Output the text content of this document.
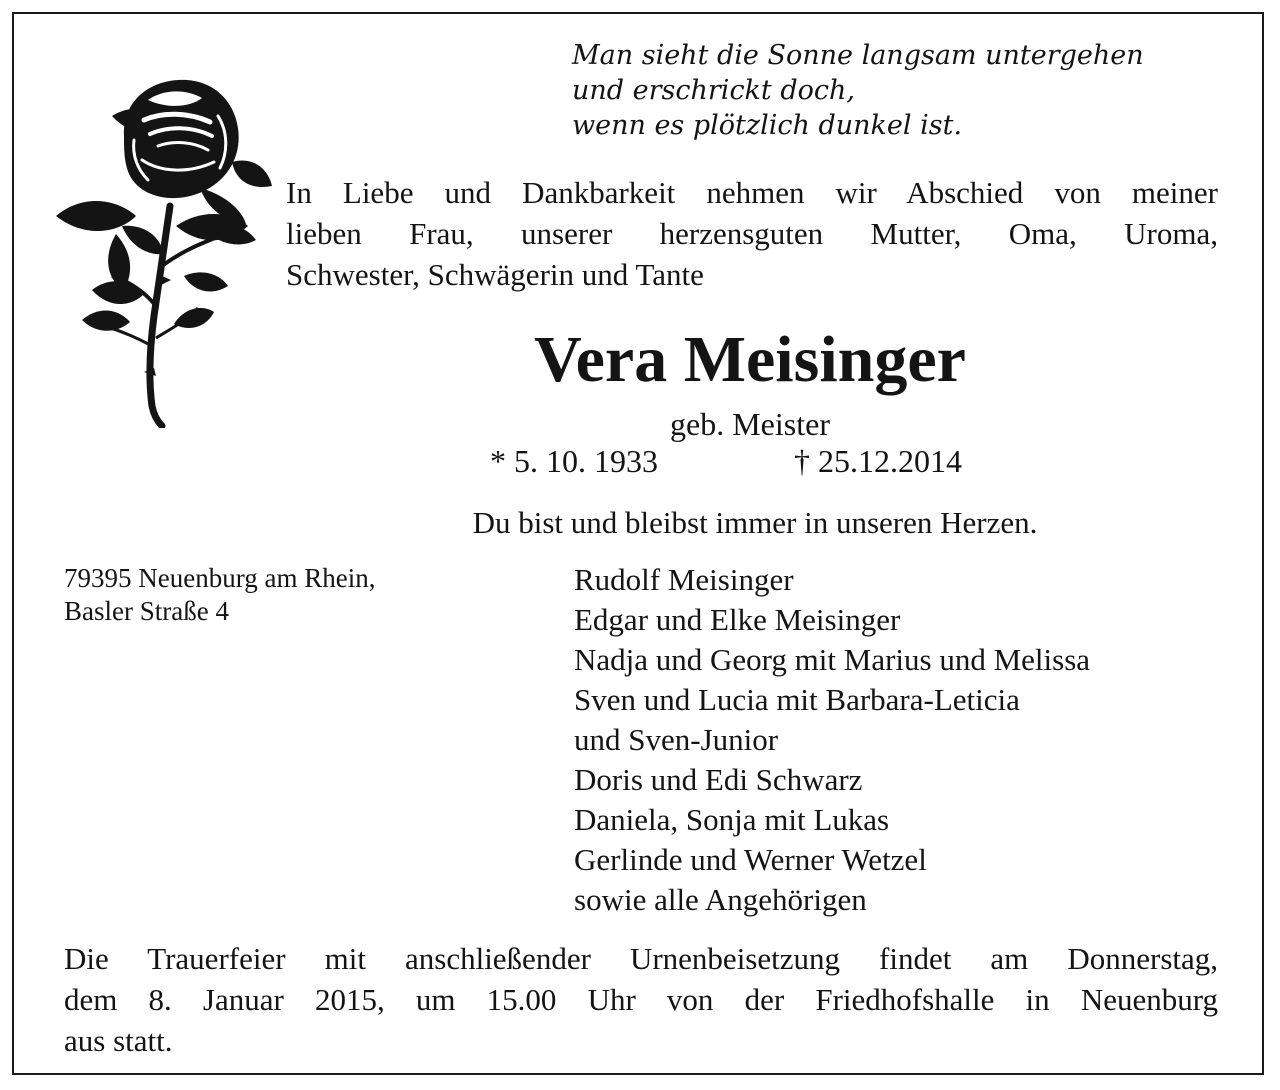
Man sieht die Sonne langsam untergehen
und erschrickt doch,
wenn es plötzlich dunkel ist.
In Liebe und Dankbarkeit nehmen wir Abschied von meiner
lieben Frau, unserer herzensguten Mutter, Oma, Uroma,
Schwester, Schwägerin und Tante
Vera Meisinger
geb. Meister
* 5. 10. 1933	† 25.12.2014
Du bist und bleibst immer in unseren Herzen.
79395 Neuenburg am Rhein,
Basler Straße 4
Rudolf Meisinger
Edgar und Elke Meisinger
Nadja und Georg mit Marius und Melissa
Sven und Lucia mit Barbara-Leticia
und Sven-Junior
Doris und Edi Schwarz
Daniela, Sonja mit Lukas
Gerlinde und Werner Wetzel
sowie alle Angehörigen
Die Trauerfeier mit anschließender Urnenbeisetzung findet am Donnerstag,
dem 8. Januar 2015, um 15.00 Uhr von der Friedhofshalle in Neuenburg
aus statt.
